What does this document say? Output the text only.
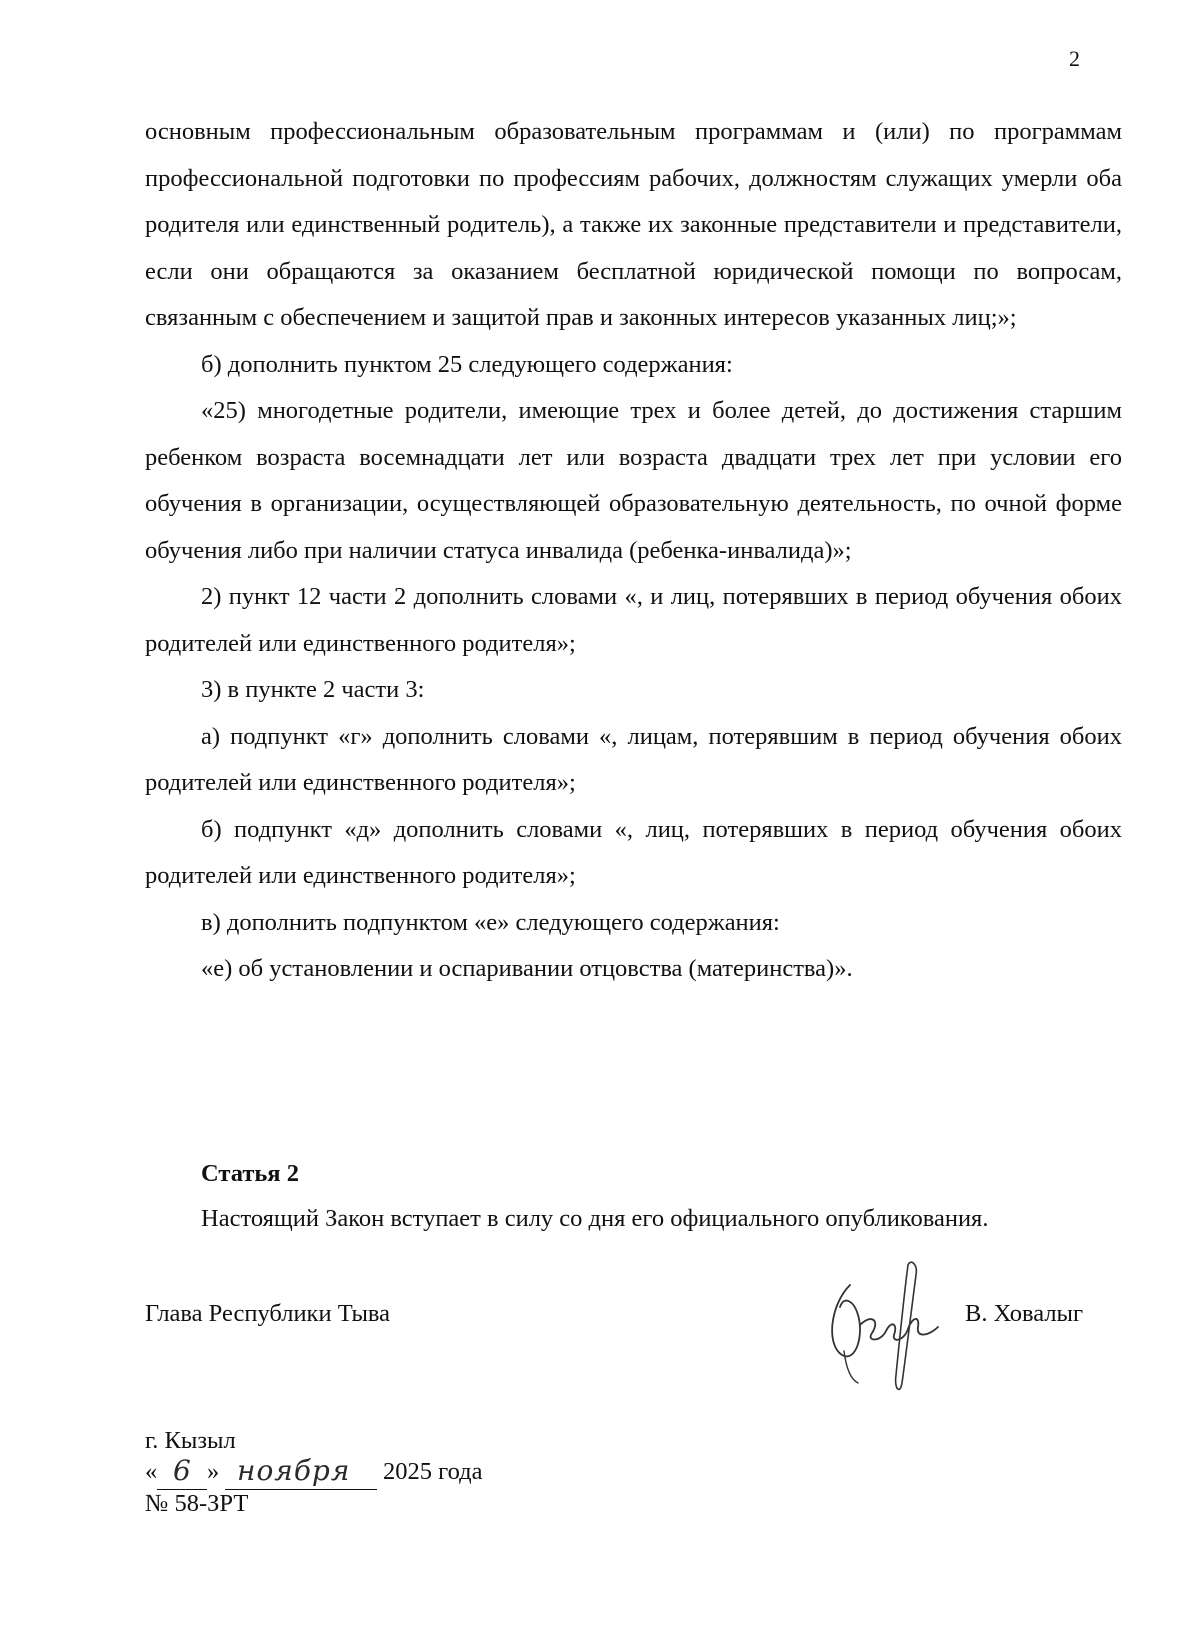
2

основным профессиональным образовательным программам и (или) по программам профессиональной подготовки по профессиям рабочих, должностям служащих умерли оба родителя или единственный родитель), а также их законные представители и представители, если они обращаются за оказанием бесплатной юридической помощи по вопросам, связанным с обеспечением и защитой прав и законных интересов указанных лиц;»;

б) дополнить пунктом 25 следующего содержания:

«25) многодетные родители, имеющие трех и более детей, до достижения старшим ребенком возраста восемнадцати лет или возраста двадцати трех лет при условии его обучения в организации, осуществляющей образовательную деятельность, по очной форме обучения либо при наличии статуса инвалида (ребенка-инвалида)»;

2) пункт 12 части 2 дополнить словами «, и лиц, потерявших в период обучения обоих родителей или единственного родителя»;

3) в пункте 2 части 3:

а) подпункт «г» дополнить словами «, лицам, потерявшим в период обучения обоих родителей или единственного родителя»;

б) подпункт «д» дополнить словами «, лиц, потерявших в период обучения обоих родителей или единственного родителя»;

в) дополнить подпунктом «е» следующего содержания:

«е) об установлении и оспаривании отцовства (материнства)».

Статья 2
Настоящий Закон вступает в силу со дня его официального опубликования.
Глава Республики Тыва	В. Ховалыг
г. Кызыл
« 6 » ноября 2025 года
№ 58-ЗРТ
